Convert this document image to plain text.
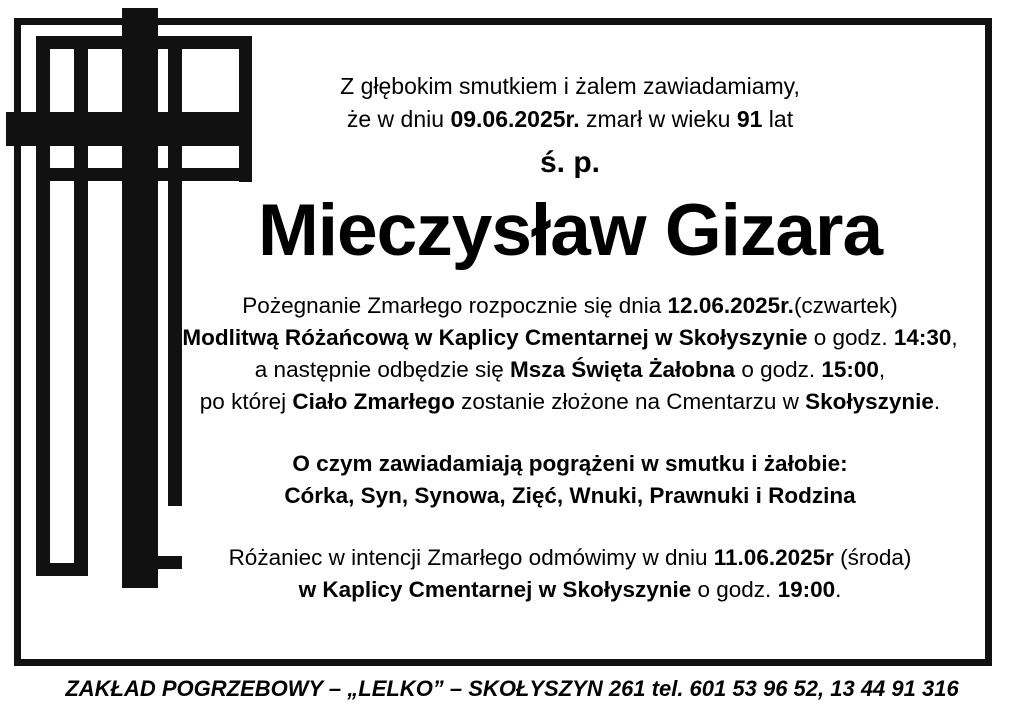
Z głębokim smutkiem i żalem zawiadamiamy,
że w dniu 09.06.2025r. zmarł w wieku 91 lat
ś. p.
Mieczysław Gizara
Pożegnanie Zmarłego rozpocznie się dnia 12.06.2025r.(czwartek)
Modlitwą Różańcową w Kaplicy Cmentarnej w Skołyszynie o godz. 14:30,
a następnie odbędzie się Msza Święta Żałobna o godz. 15:00,
po której Ciało Zmarłego zostanie złożone na Cmentarzu w Skołyszynie.
O czym zawiadamiają pogrążeni w smutku i żałobie:
Córka, Syn, Synowa, Zięć, Wnuki, Prawnuki i Rodzina
Różaniec w intencji Zmarłego odmówimy w dniu 11.06.2025r (środa)
w Kaplicy Cmentarnej w Skołyszynie o godz. 19:00.
ZAKŁAD POGRZEBOWY – „LELKO” – SKOŁYSZYN 261 tel. 601 53 96 52, 13 44 91 316
